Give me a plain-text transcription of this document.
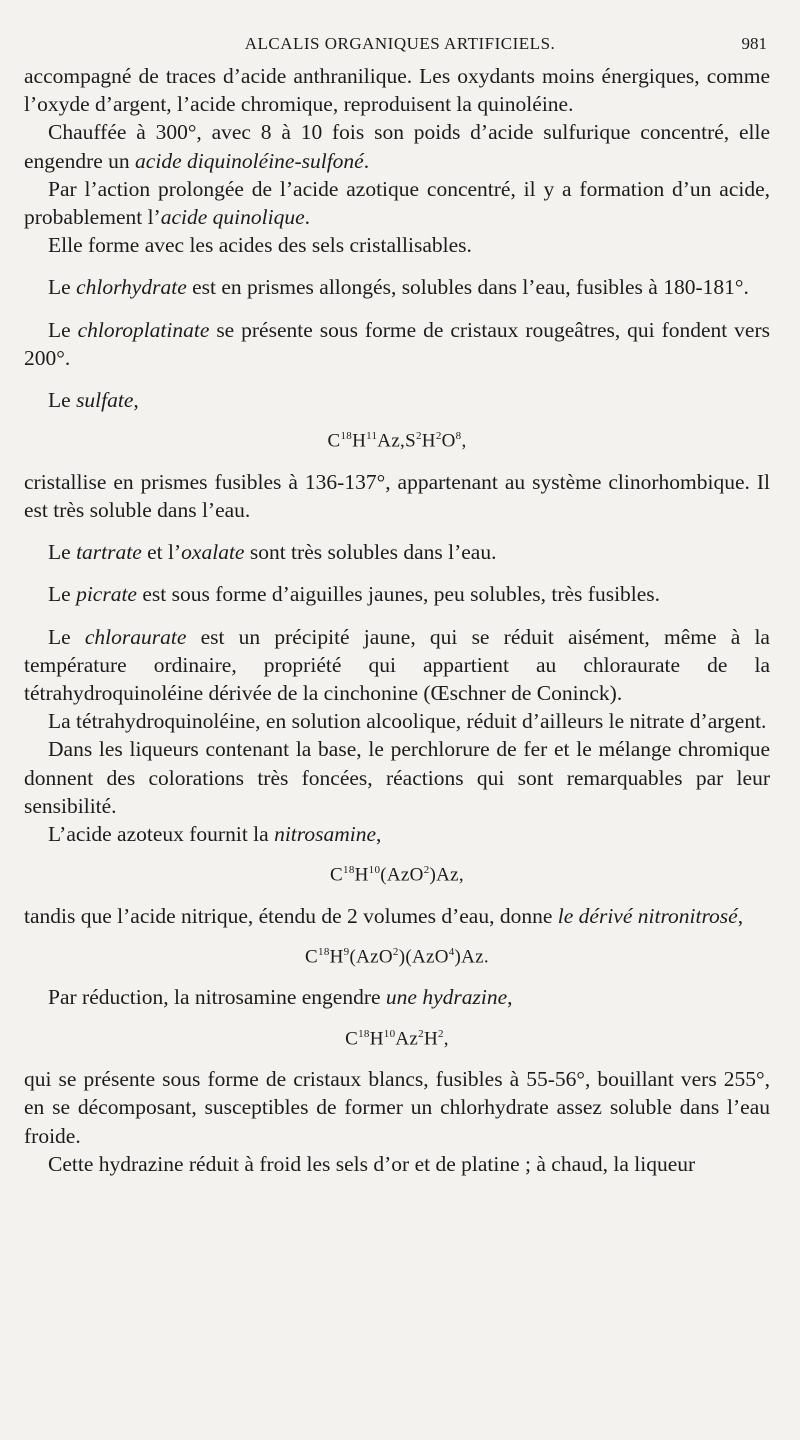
ALCALIS ORGANIQUES ARTIFICIELS.	981

accompagné de traces d’acide anthranilique. Les oxydants moins énergiques, comme l’oxyde d’argent, l’acide chromique, reproduisent la quinoléine.

Chauffée à 300°, avec 8 à 10 fois son poids d’acide sulfurique concentré, elle engendre un acide diquinoléine-sulfoné.

Par l’action prolongée de l’acide azotique concentré, il y a formation d’un acide, probablement l’acide quinolique.

Elle forme avec les acides des sels cristallisables.

Le chlorhydrate est en prismes allongés, solubles dans l’eau, fusibles à 180-181°.

Le chloroplatinate se présente sous forme de cristaux rougeâtres, qui fondent vers 200°.

Le sulfate,

$C^{18}H^{11}Az,S^2H^2O^8$,

cristallise en prismes fusibles à 136-137°, appartenant au système clinorhombique. Il est très soluble dans l’eau.

Le tartrate et l’oxalate sont très solubles dans l’eau.

Le picrate est sous forme d’aiguilles jaunes, peu solubles, très fusibles.

Le chloraurate est un précipité jaune, qui se réduit aisément, même à la température ordinaire, propriété qui appartient au chloraurate de la tétrahydroquinoléine dérivée de la cinchonine (Œschner de Coninck).

La tétrahydroquinoléine, en solution alcoolique, réduit d’ailleurs le nitrate d’argent.

Dans les liqueurs contenant la base, le perchlorure de fer et le mélange chromique donnent des colorations très foncées, réactions qui sont remarquables par leur sensibilité.

L’acide azoteux fournit la nitrosamine,

$C^{18}H^{10}(AzO^2)Az$,

tandis que l’acide nitrique, étendu de 2 volumes d’eau, donne le dérivé nitronitrosé,

$C^{18}H^9(AzO^2)(AzO^4)Az$.

Par réduction, la nitrosamine engendre une hydrazine,

$C^{18}H^{10}Az^2H^2$,

qui se présente sous forme de cristaux blancs, fusibles à 55-56°, bouillant vers 255°, en se décomposant, susceptibles de former un chlorhydrate assez soluble dans l’eau froide.

Cette hydrazine réduit à froid les sels d’or et de platine ; à chaud, la liqueur
